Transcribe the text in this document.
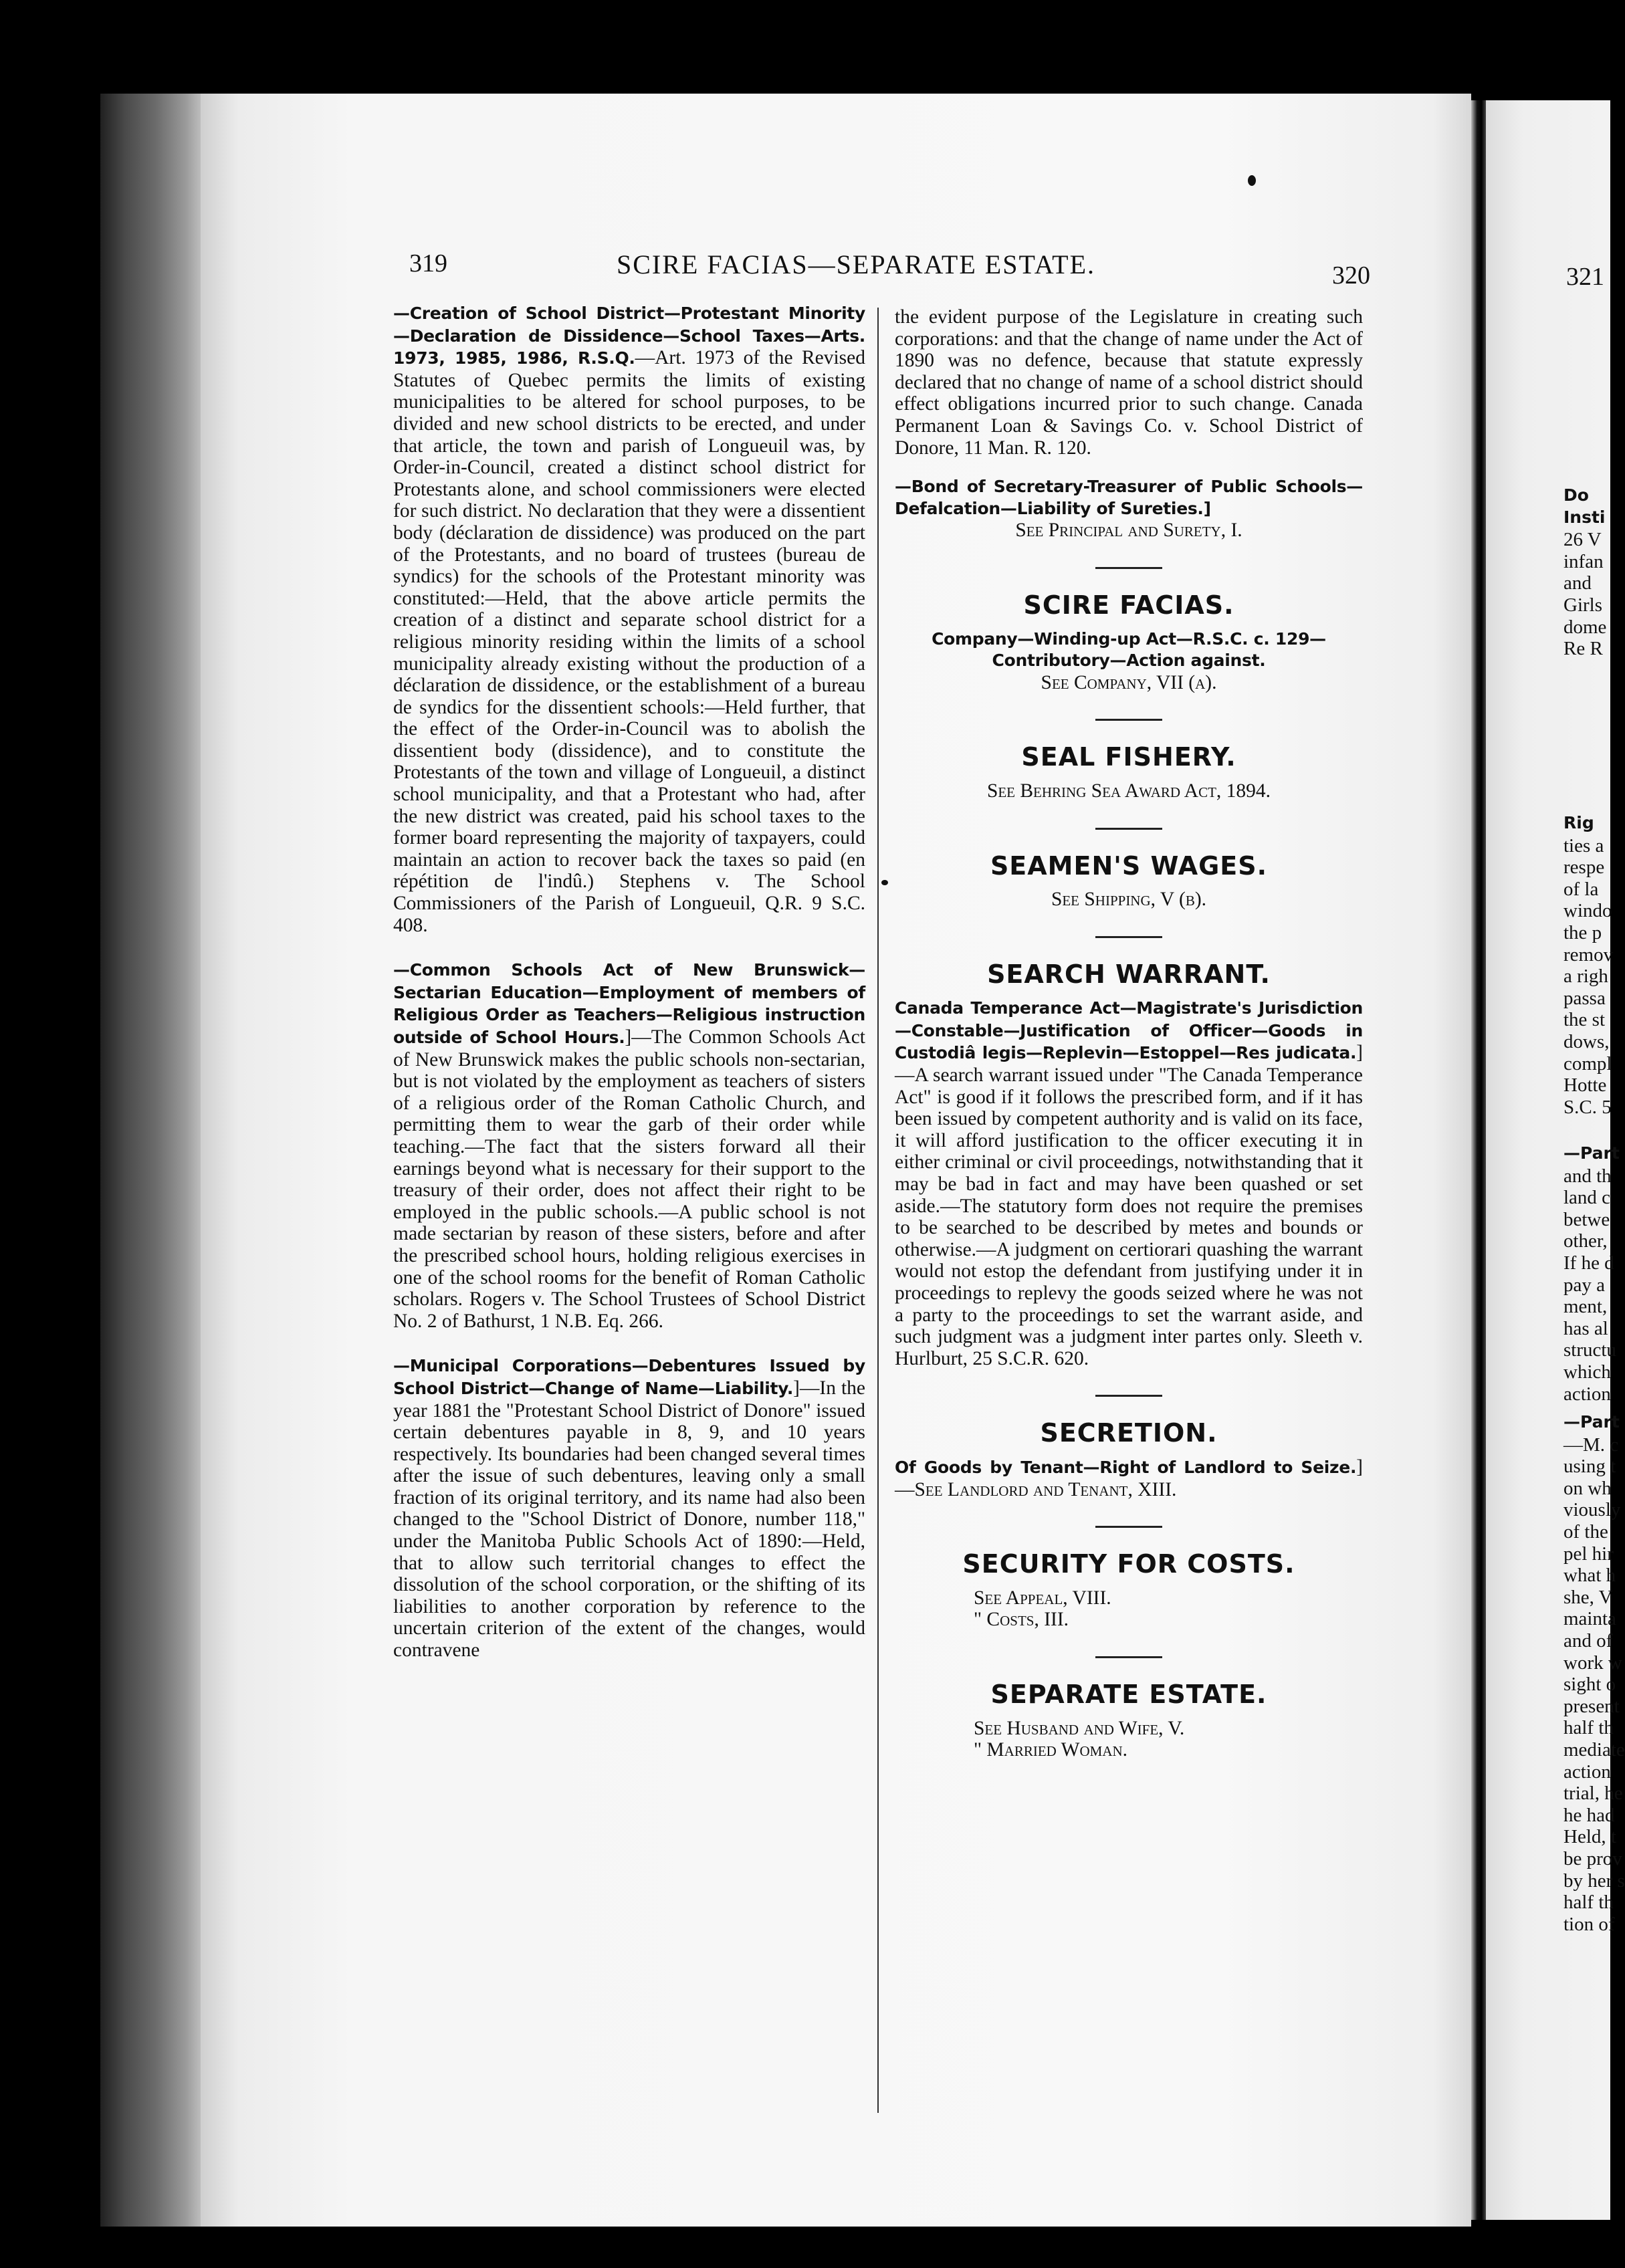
319	SCIRE FACIAS—SEPARATE ESTATE.	320	321

—Creation of School District—Protestant Minority—Declaration de Dissidence—School Taxes—Arts. 1973, 1985, 1986, R.S.Q.—Art. 1973 of the Revised Statutes of Quebec permits the limits of existing municipalities to be altered for school purposes, to be divided and new school districts to be erected, and under that article, the town and parish of Longueuil was, by Order-in-Council, created a distinct school district for Protestants alone, and school commissioners were elected for such district. No declaration that they were a dissentient body (déclaration de dissidence) was produced on the part of the Protestants, and no board of trustees (bureau de syndics) for the schools of the Protestant minority was constituted:—Held, that the above article permits the creation of a distinct and separate school district for a religious minority residing within the limits of a school municipality already existing without the production of a déclaration de dissidence, or the establishment of a bureau de syndics for the dissentient schools:—Held further, that the effect of the Order-in-Council was to abolish the dissentient body (dissidence), and to constitute the Protestants of the town and village of Longueuil, a distinct school municipality, and that a Protestant who had, after the new district was created, paid his school taxes to the former board representing the majority of taxpayers, could maintain an action to recover back the taxes so paid (en répétition de l'indû.) Stephens v. The School Commissioners of the Parish of Longueuil, Q.R. 9 S.C. 408.

—Common Schools Act of New Brunswick—Sectarian Education—Employment of members of Religious Order as Teachers—Religious instruction outside of School Hours.]—The Common Schools Act of New Brunswick makes the public schools non-sectarian, but is not violated by the employment as teachers of sisters of a religious order of the Roman Catholic Church, and permitting them to wear the garb of their order while teaching.—The fact that the sisters forward all their earnings beyond what is necessary for their support to the treasury of their order, does not affect their right to be employed in the public schools.—A public school is not made sectarian by reason of these sisters, before and after the prescribed school hours, holding religious exercises in one of the school rooms for the benefit of Roman Catholic scholars. Rogers v. The School Trustees of School District No. 2 of Bathurst, 1 N.B. Eq. 266.

—Municipal Corporations—Debentures Issued by School District—Change of Name—Liability.]—In the year 1881 the "Protestant School District of Donore" issued certain debentures payable in 8, 9, and 10 years respectively. Its boundaries had been changed several times after the issue of such debentures, leaving only a small fraction of its original territory, and its name had also been changed to the "School District of Donore, number 118," under the Manitoba Public Schools Act of 1890:—Held, that to allow such territorial changes to effect the dissolution of the school corporation, or the shifting of its liabilities to another corporation by reference to the uncertain criterion of the extent of the changes, would contravene

the evident purpose of the Legislature in creating such corporations: and that the change of name under the Act of 1890 was no defence, because that statute expressly declared that no change of name of a school district should effect obligations incurred prior to such change. Canada Permanent Loan & Savings Co. v. School District of Donore, 11 Man. R. 120.

—Bond of Secretary-Treasurer of Public Schools—Defalcation—Liability of Sureties.]

See Principal and Surety, I.

SCIRE FACIAS.

Company—Winding-up Act—R.S.C. c. 129—Contributory—Action against.

See Company, VII (a).

SEAL FISHERY.

See Behring Sea Award Act, 1894.

SEAMEN'S WAGES.

See Shipping, V (b).

SEARCH WARRANT.

Canada Temperance Act—Magistrate's Jurisdiction—Constable—Justification of Officer—Goods in Custodiâ legis—Replevin—Estoppel—Res judicata.]—A search warrant issued under "The Canada Temperance Act" is good if it follows the prescribed form, and if it has been issued by competent authority and is valid on its face, it will afford justification to the officer executing it in either criminal or civil proceedings, notwithstanding that it may be bad in fact and may have been quashed or set aside.—The statutory form does not require the premises to be searched to be described by metes and bounds or otherwise.—A judgment on certiorari quashing the warrant would not estop the defendant from justifying under it in proceedings to replevy the goods seized where he was not a party to the proceedings to set the warrant aside, and such judgment was a judgment inter partes only. Sleeth v. Hurlburt, 25 S.C.R. 620.

SECRETION.

Of Goods by Tenant—Right of Landlord to Seize.]—See Landlord and Tenant, XIII.

SECURITY FOR COSTS.

See Appeal, VIII.

" Costs, III.

SEPARATE ESTATE.

See Husband and Wife, V.

" Married Woman.

Do
Insti
26 V
infan
and
Girls
dome
Re R
Rig
ties a
respe
of la
windo
the p
remov
a righ
passa
the st
dows,
compl
Hotte
S.C. 5
—Part
and th
land c
betwe
other,
If he d
pay a
ment,
has al
structu
which
action
—Part
—M. c
using t
on wh
viously
of the
pel hir
what h
she, V
mainta
and of
work w
sight o
present
half th
mediate
action
trial, he
he had
Held, t
be prov
by her s
half th
tion of
